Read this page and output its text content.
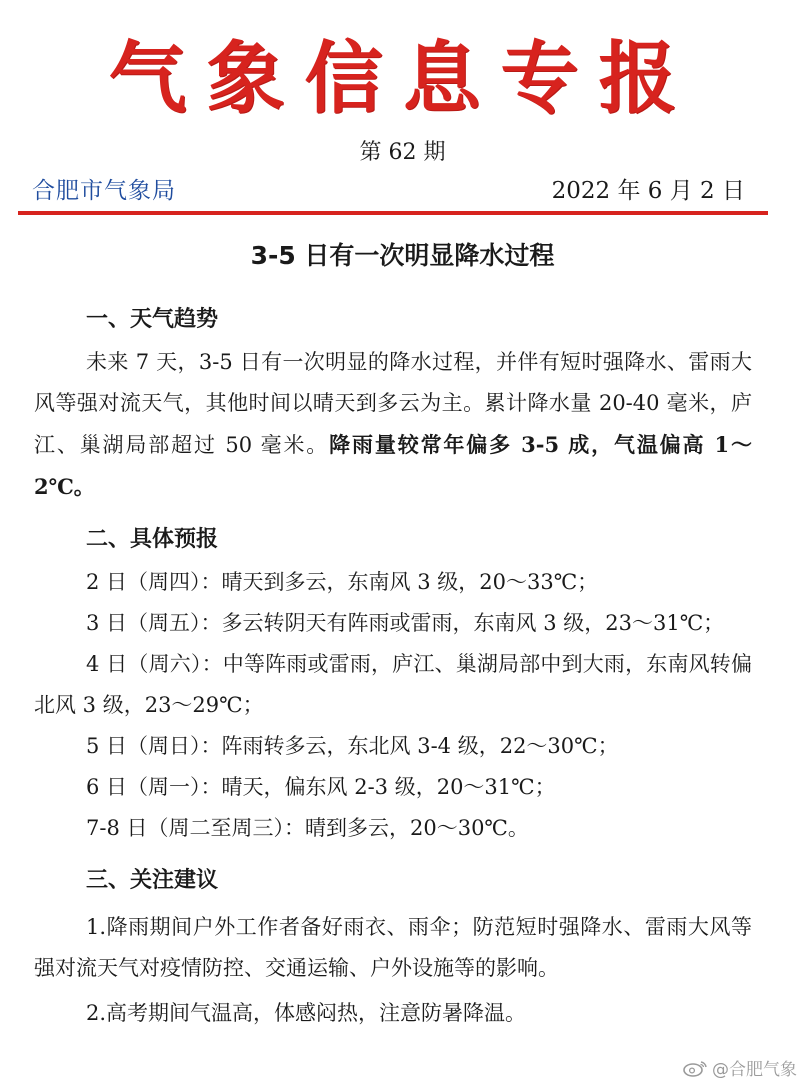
气象信息专报
第 62 期
合肥市气象局	2022 年 6 月 2 日
3-5 日有一次明显降水过程
一、天气趋势
未来 7 天，3-5 日有一次明显的降水过程，并伴有短时强降水、雷雨大风等强对流天气，其他时间以晴天到多云为主。累计降水量 20-40 毫米，庐江、巢湖局部超过 50 毫米。降雨量较常年偏多 3-5 成，气温偏高 1～2℃。
二、具体预报
2 日（周四）：晴天到多云，东南风 3 级，20～33℃；
3 日（周五）：多云转阴天有阵雨或雷雨，东南风 3 级，23～31℃；
4 日（周六）：中等阵雨或雷雨，庐江、巢湖局部中到大雨，东南风转偏北风 3 级，23～29℃；
5 日（周日）：阵雨转多云，东北风 3-4 级，22～30℃；
6 日（周一）：晴天，偏东风 2-3 级，20～31℃；
7-8 日（周二至周三）：晴到多云，20～30℃。
三、关注建议
1.降雨期间户外工作者备好雨衣、雨伞；防范短时强降水、雷雨大风等强对流天气对疫情防控、交通运输、户外设施等的影响。
2.高考期间气温高，体感闷热，注意防暑降温。
@合肥气象
